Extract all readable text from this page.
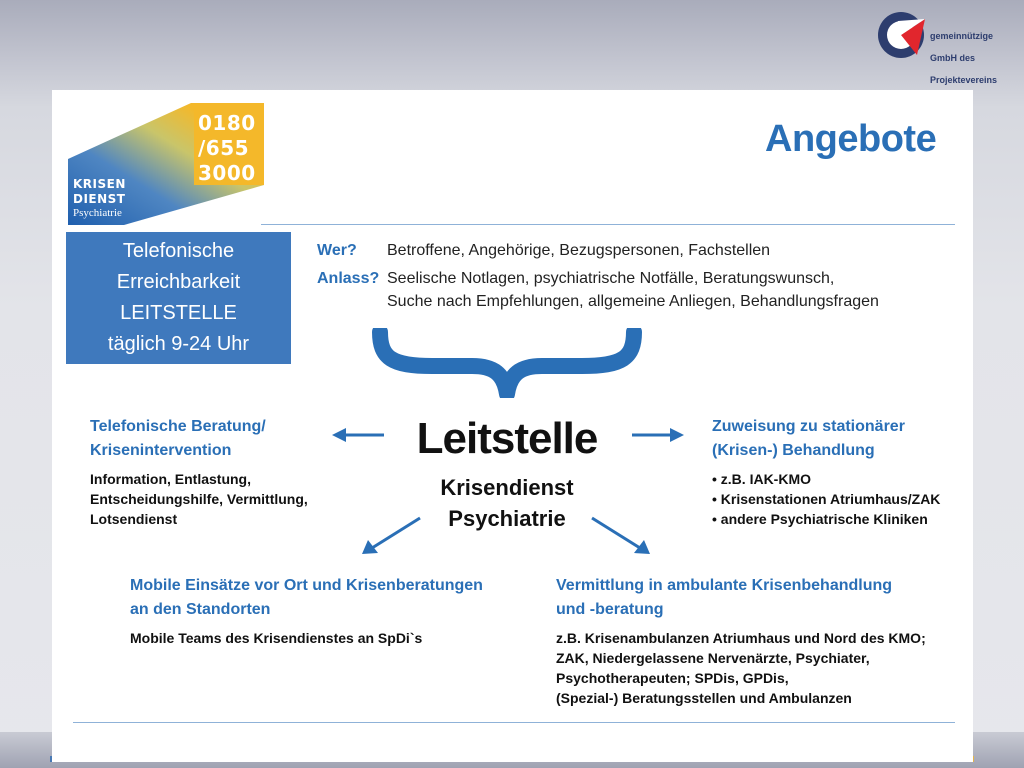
gemeinnützige

GmbH des

Projektevereins

0180
/655
3000
KRISEN
DIENST
Psychiatrie
Angebote
Telefonische
Erreichbarkeit
LEITSTELLE
täglich 9-24 Uhr
Wer? Betroffene, Angehörige, Bezugspersonen, Fachstellen
Anlass? Seelische Notlagen, psychiatrische Notfälle, Beratungswunsch,
Suche nach Empfehlungen, allgemeine Anliegen, Behandlungsfragen
Leitstelle
Krisendienst
Psychiatrie
Telefonische Beratung/
Kriseninterventi‍on
Information, Entlastung,
Entscheidungshilfe, Vermittlung,
Lotsendienst
Zuweisung zu stationärer
(Krisen-) Behandlung
• z.B. IAK-KMO
• Krisenstationen Atriumhaus/ZAK
• andere Psychiatrische Kliniken
Mobile Einsätze vor Ort und Krisenberatungen
an den Standorten
Mobile Teams des Krisendienstes an SpDi`s
Vermittlung in ambulante Krisenbehandlung
und -beratung
z.B. Krisenambulanzen Atriumhaus und Nord des KMO;
ZAK, Niedergelassene Nervenärzte, Psychiater,
Psychotherapeuten; SPDis, GPDis,
(Spezial-) Beratungsstellen und Ambulanzen
